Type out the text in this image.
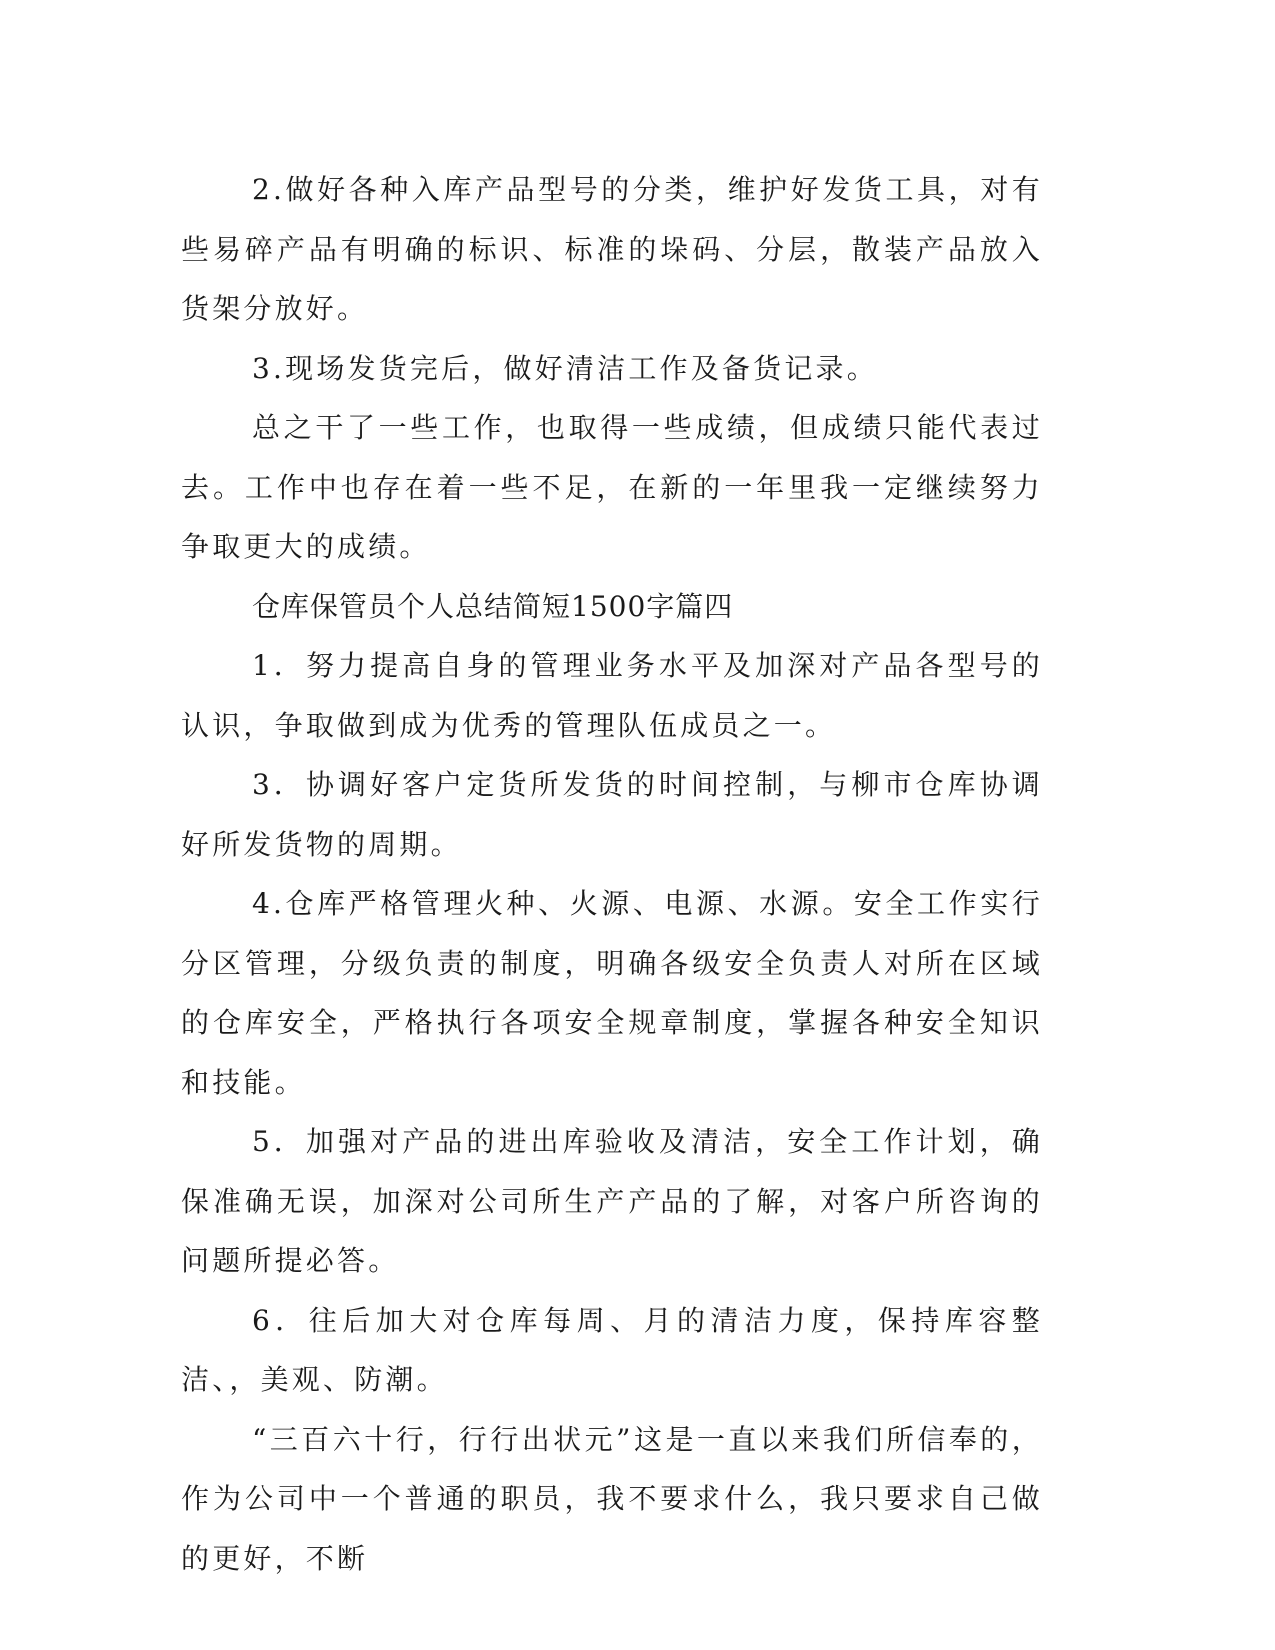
2.做好各种入库产品型号的分类，维护好发货工具，对有些易碎产品有明确的标识、标准的垛码、分层，散装产品放入货架分放好。

3.现场发货完后，做好清洁工作及备货记录。

总之干了一些工作，也取得一些成绩，但成绩只能代表过去。工作中也存在着一些不足，在新的一年里我一定继续努力争取更大的成绩。

仓库保管员个人总结简短1500字篇四

1．努力提高自身的管理业务水平及加深对产品各型号的认识，争取做到成为优秀的管理队伍成员之一。

3．协调好客户定货所发货的时间控制，与柳市仓库协调好所发货物的周期。

4.仓库严格管理火种、火源、电源、水源。安全工作实行分区管理，分级负责的制度，明确各级安全负责人对所在区域的仓库安全，严格执行各项安全规章制度，掌握各种安全知识和技能。

5．加强对产品的进出库验收及清洁，安全工作计划，确保准确无误，加深对公司所生产产品的了解，对客户所咨询的问题所提必答。

6．往后加大对仓库每周、月的清洁力度，保持库容整洁、，美观、防潮。

“三百六十行，行行出状元”这是一直以来我们所信奉的，作为公司中一个普通的职员，我不要求什么，我只要求自己做的更好，不断
